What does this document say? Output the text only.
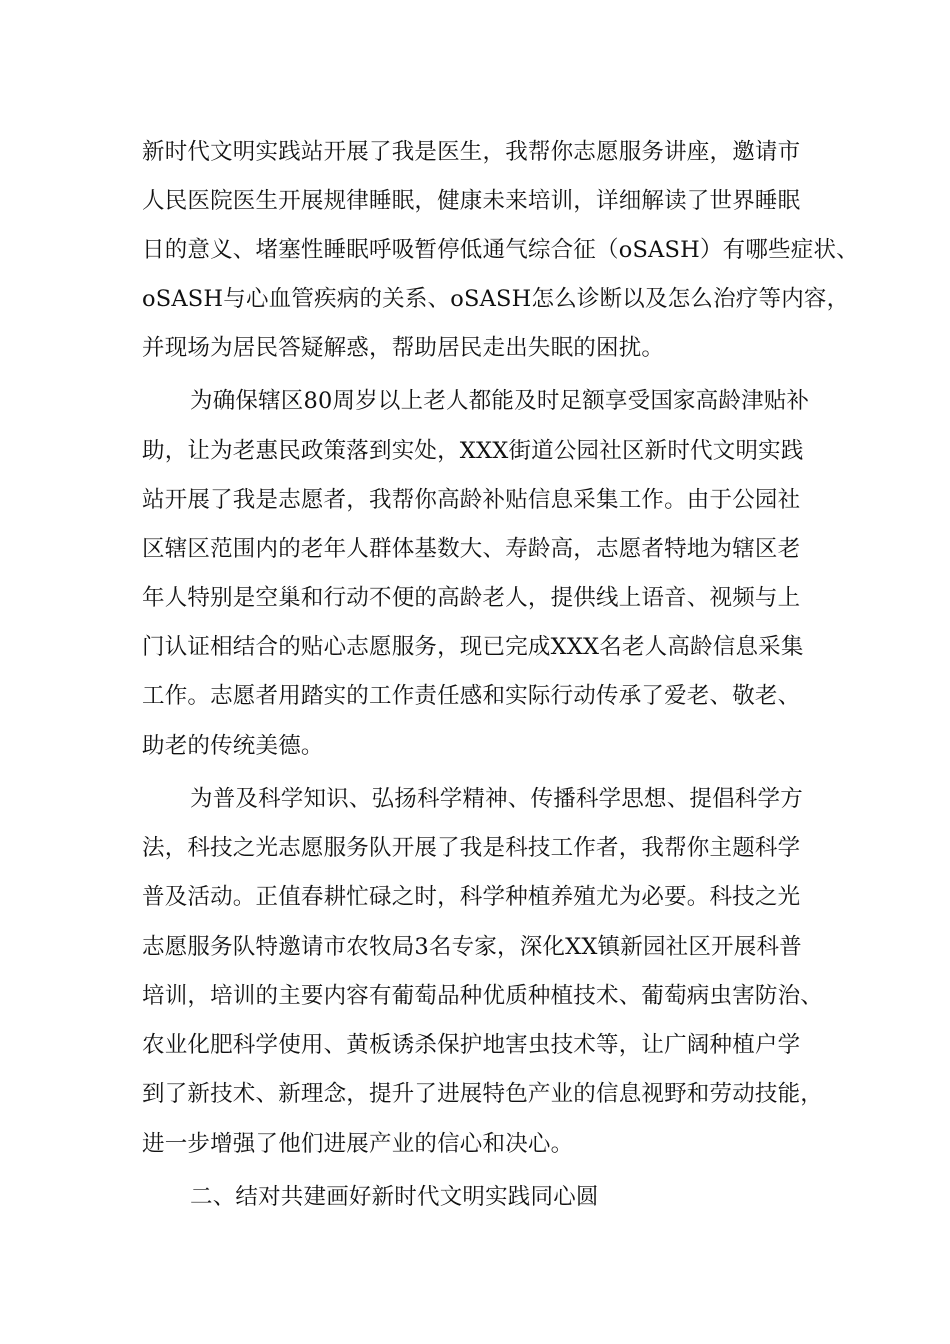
新时代文明实践站开展了我是医生，我帮你志愿服务讲座，邀请市
人民医院医生开展规律睡眠，健康未来培训，详细解读了世界睡眠
日的意义、堵塞性睡眠呼吸暂停低通气综合征（oSASH）有哪些症状、
oSASH与心血管疾病的关系、oSASH怎么诊断以及怎么治疗等内容，
并现场为居民答疑解惑，帮助居民走出失眠的困扰。
为确保辖区80周岁以上老人都能及时足额享受国家高龄津贴补
助，让为老惠民政策落到实处，XXX街道公园社区新时代文明实践
站开展了我是志愿者，我帮你高龄补贴信息采集工作。由于公园社
区辖区范围内的老年人群体基数大、寿龄高，志愿者特地为辖区老
年人特别是空巢和行动不便的高龄老人，提供线上语音、视频与上
门认证相结合的贴心志愿服务，现已完成XXX名老人高龄信息采集
工作。志愿者用踏实的工作责任感和实际行动传承了爱老、敬老、
助老的传统美德。
为普及科学知识、弘扬科学精神、传播科学思想、提倡科学方
法，科技之光志愿服务队开展了我是科技工作者，我帮你主题科学
普及活动。正值春耕忙碌之时，科学种植养殖尤为必要。科技之光
志愿服务队特邀请市农牧局3名专家，深化XX镇新园社区开展科普
培训，培训的主要内容有葡萄品种优质种植技术、葡萄病虫害防治、
农业化肥科学使用、黄板诱杀保护地害虫技术等，让广阔种植户学
到了新技术、新理念，提升了进展特色产业的信息视野和劳动技能，
进一步增强了他们进展产业的信心和决心。
二、结对共建画好新时代文明实践同心圆
